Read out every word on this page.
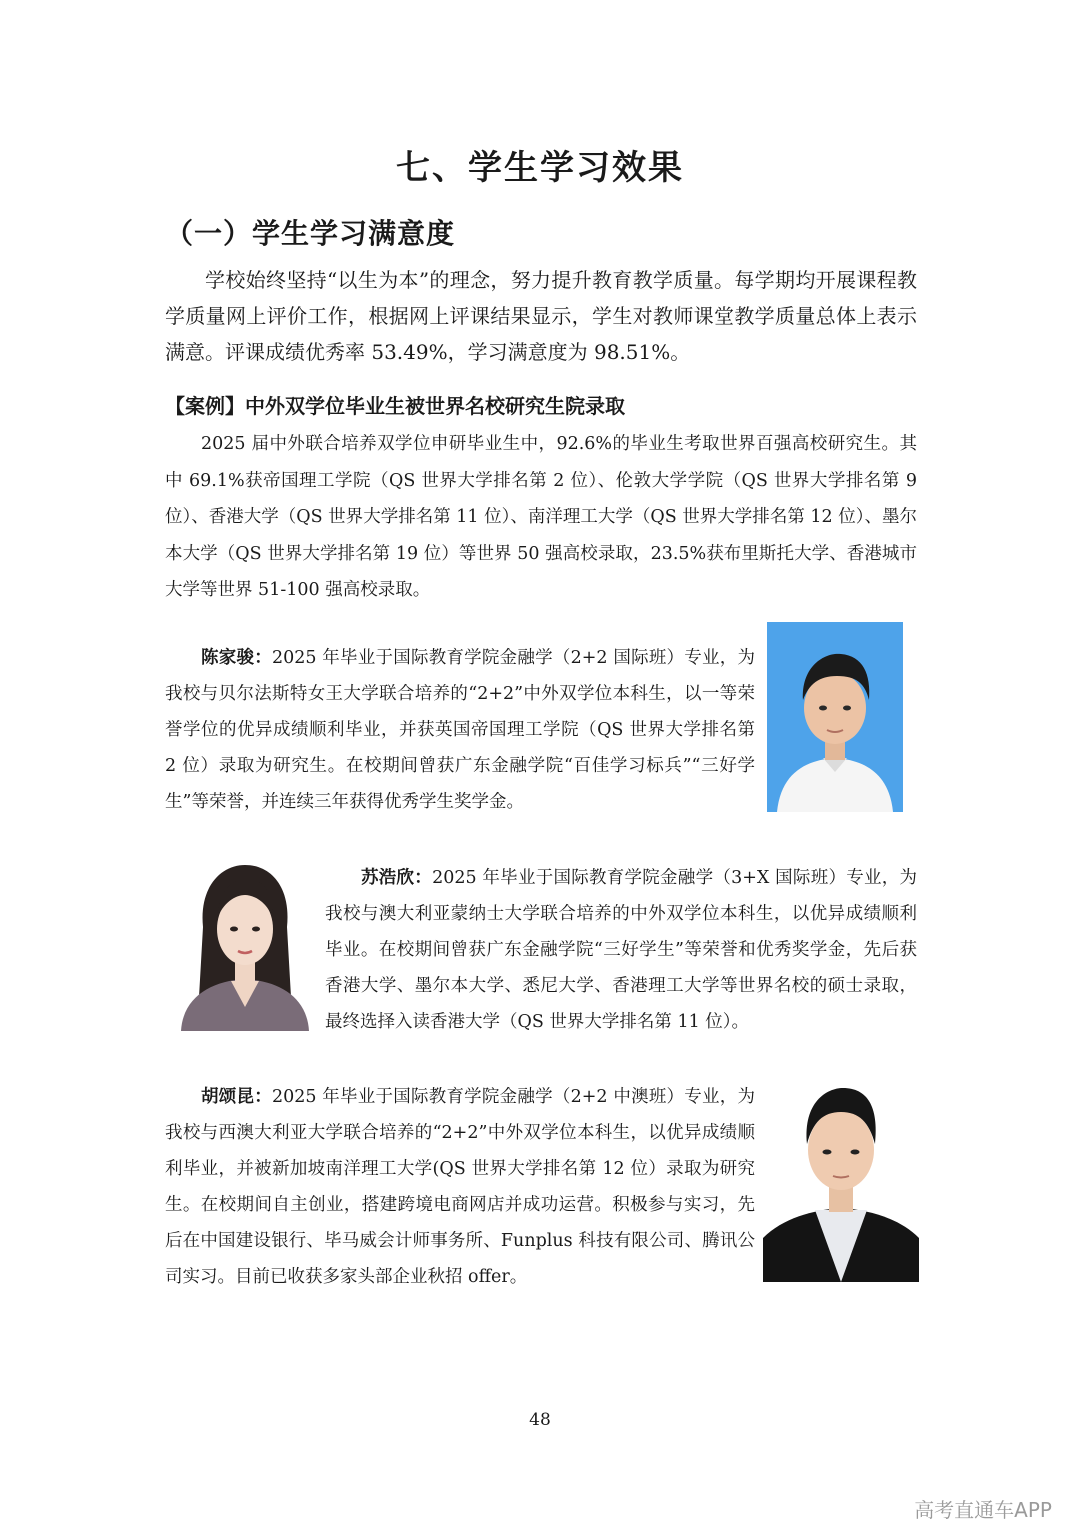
七、学生学习效果
（一）学生学习满意度
学校始终坚持“以生为本”的理念，努力提升教育教学质量。每学期均开展课程教学质量网上评价工作，根据网上评课结果显示，学生对教师课堂教学质量总体上表示满意。评课成绩优秀率 53.49%，学习满意度为 98.51%。
【案例】中外双学位毕业生被世界名校研究生院录取
2025 届中外联合培养双学位申研毕业生中，92.6%的毕业生考取世界百强高校研究生。其中 69.1%获帝国理工学院（QS 世界大学排名第 2 位）、伦敦大学学院（QS 世界大学排名第 9 位）、香港大学（QS 世界大学排名第 11 位）、南洋理工大学（QS 世界大学排名第 12 位）、墨尔本大学（QS 世界大学排名第 19 位）等世界 50 强高校录取，23.5%获布里斯托大学、香港城市大学等世界 51-100 强高校录取。
陈家骏：2025 年毕业于国际教育学院金融学（2+2 国际班）专业，为我校与贝尔法斯特女王大学联合培养的“2+2”中外双学位本科生，以一等荣誉学位的优异成绩顺利毕业，并获英国帝国理工学院（QS 世界大学排名第 2 位）录取为研究生。在校期间曾获广东金融学院“百佳学习标兵”“三好学生”等荣誉，并连续三年获得优秀学生奖学金。
苏浩欣：2025 年毕业于国际教育学院金融学（3+X 国际班）专业，为我校与澳大利亚蒙纳士大学联合培养的中外双学位本科生，以优异成绩顺利毕业。在校期间曾获广东金融学院“三好学生”等荣誉和优秀奖学金，先后获香港大学、墨尔本大学、悉尼大学、香港理工大学等世界名校的硕士录取，最终选择入读香港大学（QS 世界大学排名第 11 位）。
胡颂昆：2025 年毕业于国际教育学院金融学（2+2 中澳班）专业，为我校与西澳大利亚大学联合培养的“2+2”中外双学位本科生，以优异成绩顺利毕业，并被新加坡南洋理工大学(QS 世界大学排名第 12 位）录取为研究生。在校期间自主创业，搭建跨境电商网店并成功运营。积极参与实习，先后在中国建设银行、毕马威会计师事务所、Funplus 科技有限公司、腾讯公司实习。目前已收获多家头部企业秋招 offer。
48
高考直通车APP
